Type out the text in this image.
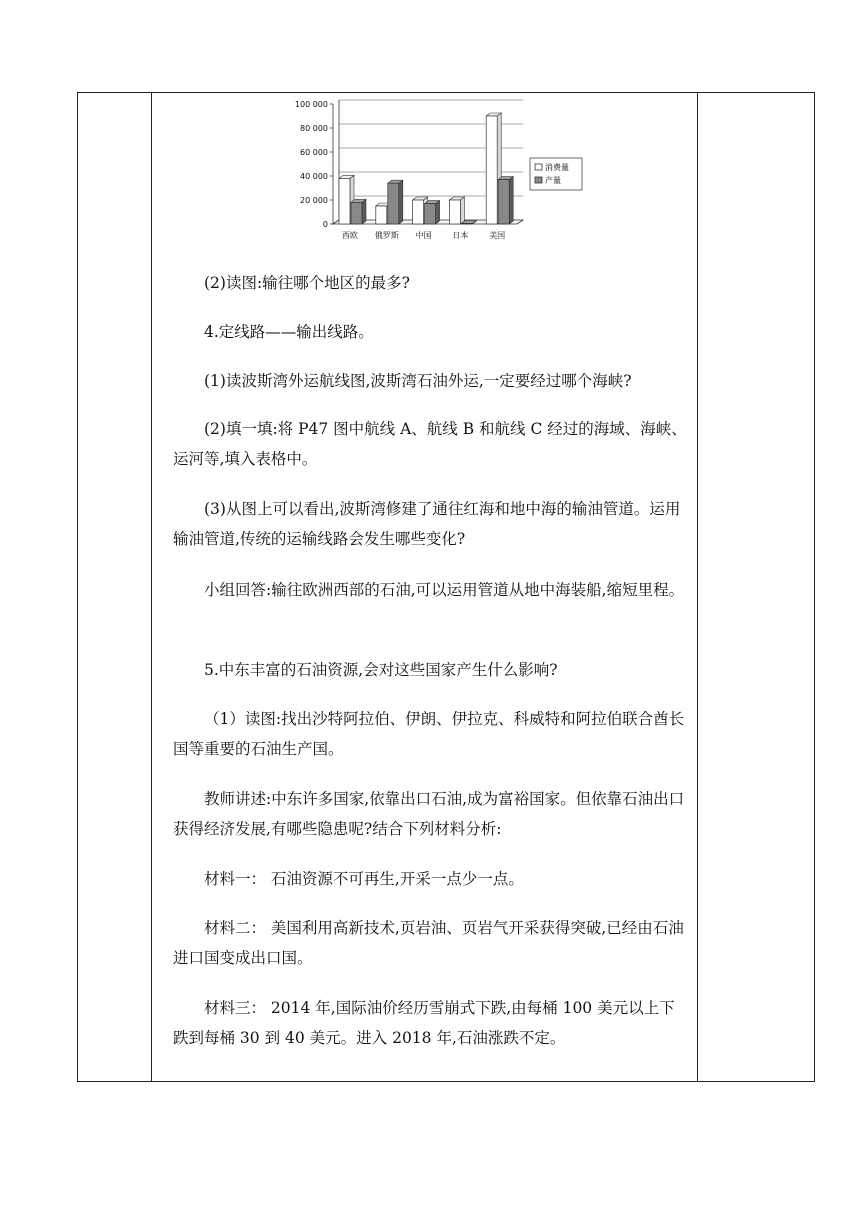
100 000
80 000
60 000
40 000
20 000
0
西欧 俄罗斯 中国	日本	美国
消费量
产量
(2)读图:输往哪个地区的最多?
4.定线路——输出线路。
(1)读波斯湾外运航线图,波斯湾石油外运,一定要经过哪个海峡?
(2)填一填:将 P47 图中航线 A、航线 B 和航线 C 经过的海域、海峡、运河等,填入表格中。
(3)从图上可以看出,波斯湾修建了通往红海和地中海的输油管道。运用输油管道,传统的运输线路会发生哪些变化?
小组回答:输往欧洲西部的石油,可以运用管道从地中海装船,缩短里程。
5.中东丰富的石油资源,会对这些国家产生什么影响?
（1）读图:找出沙特阿拉伯、伊朗、伊拉克、科威特和阿拉伯联合酋长国等重要的石油生产国。
教师讲述:中东许多国家,依靠出口石油,成为富裕国家。但依靠石油出口获得经济发展,有哪些隐患呢?结合下列材料分析:
材料一： 石油资源不可再生,开采一点少一点。
材料二： 美国利用高新技术,页岩油、页岩气开采获得突破,已经由石油进口国变成出口国。
材料三： 2014 年,国际油价经历雪崩式下跌,由每桶 100 美元以上下跌到每桶 30 到 40 美元。进入 2018 年,石油涨跌不定。
